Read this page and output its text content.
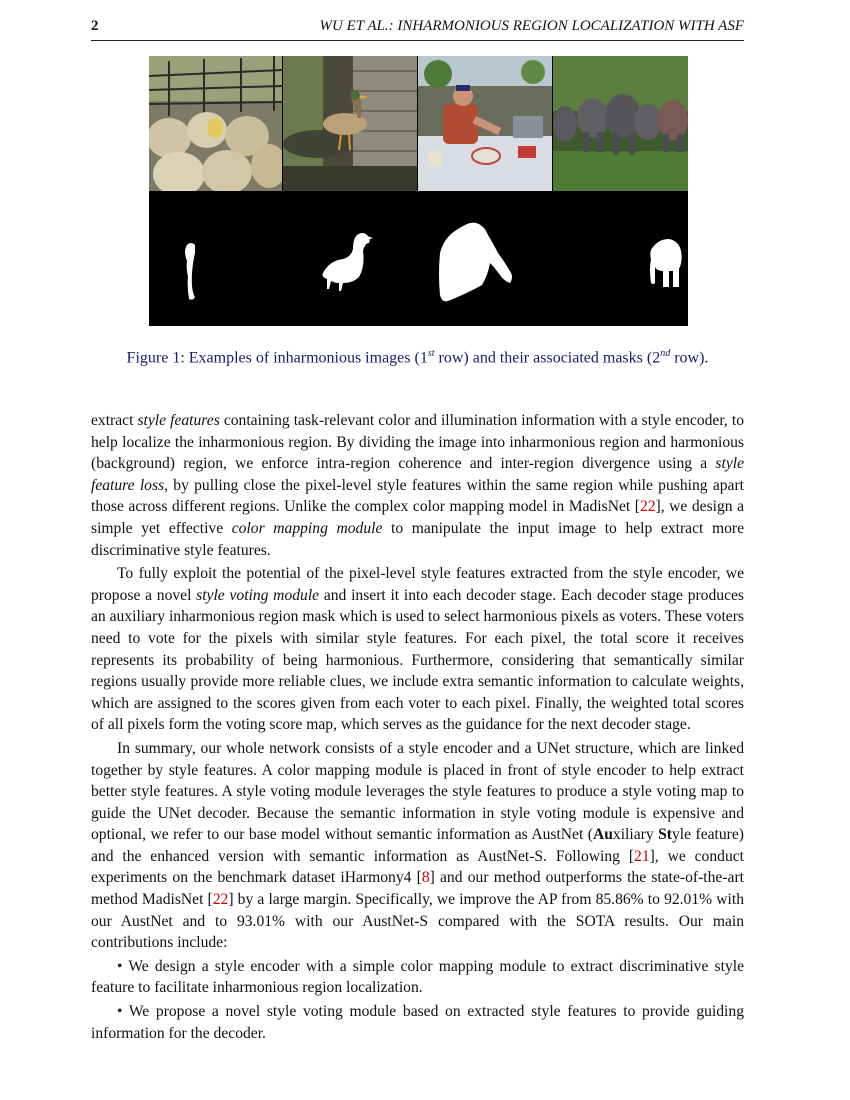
2	WU ET AL.: INHARMONIOUS REGION LOCALIZATION WITH ASF
Figure 1: Examples of inharmonious images (1st row) and their associated masks (2nd row).

extract style features containing task-relevant color and illumination information with a style encoder, to help localize the inharmonious region. By dividing the image into inharmonious region and harmonious (background) region, we enforce intra-region coherence and inter-region divergence using a style feature loss, by pulling close the pixel-level style features within the same region while pushing apart those across different regions. Unlike the complex color mapping model in MadisNet [22], we design a simple yet effective color mapping module to manipulate the input image to help extract more discriminative style features.

To fully exploit the potential of the pixel-level style features extracted from the style encoder, we propose a novel style voting module and insert it into each decoder stage. Each decoder stage produces an auxiliary inharmonious region mask which is used to select harmonious pixels as voters. These voters need to vote for the pixels with similar style features. For each pixel, the total score it receives represents its probability of being harmonious. Furthermore, considering that semantically similar regions usually provide more reliable clues, we include extra semantic information to calculate weights, which are assigned to the scores given from each voter to each pixel. Finally, the weighted total scores of all pixels form the voting score map, which serves as the guidance for the next decoder stage.

In summary, our whole network consists of a style encoder and a UNet structure, which are linked together by style features. A color mapping module is placed in front of style encoder to help extract better style features. A style voting module leverages the style features to produce a style voting map to guide the UNet decoder. Because the semantic information in style voting module is expensive and optional, we refer to our base model without semantic information as AustNet (Auxiliary Style feature) and the enhanced version with semantic information as AustNet-S. Following [21], we conduct experiments on the benchmark dataset iHarmony4 [8] and our method outperforms the state-of-the-art method MadisNet [22] by a large margin. Specifically, we improve the AP from 85.86% to 92.01% with our AustNet and to 93.01% with our AustNet-S compared with the SOTA results. Our main contributions include:

• We design a style encoder with a simple color mapping module to extract discriminative style feature to facilitate inharmonious region localization.

• We propose a novel style voting module based on extracted style features to provide guiding information for the decoder.
